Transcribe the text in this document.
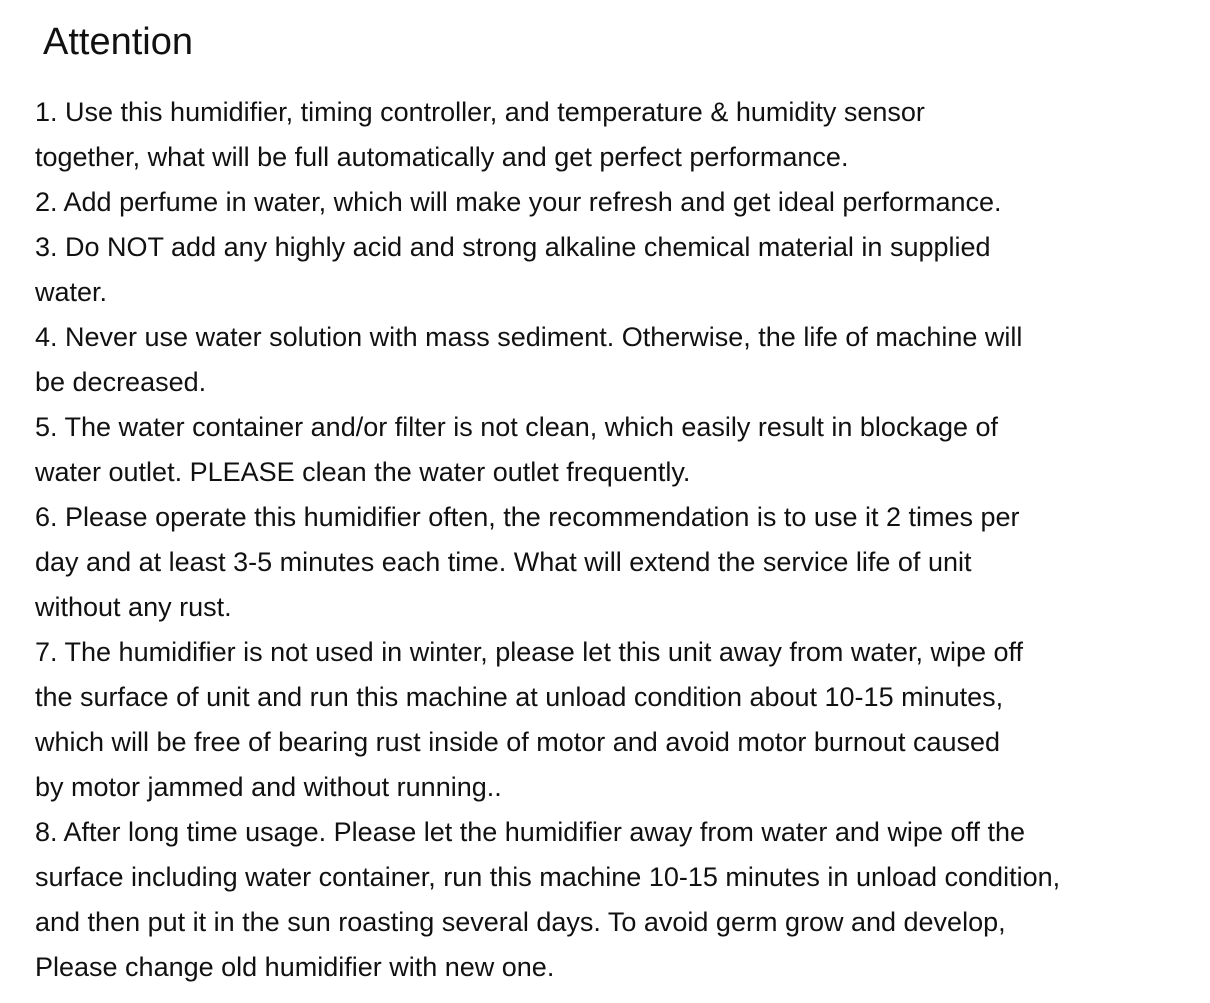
Attention
1. Use this humidifier, timing controller, and temperature & humidity sensor
together, what will be full automatically and get perfect performance.
2. Add perfume in water, which will make your refresh and get ideal performance.
3. Do NOT add any highly acid and strong alkaline chemical material in supplied
water.
4. Never use water solution with mass sediment. Otherwise, the life of machine will
be decreased.
5. The water container and/or filter is not clean, which easily result in blockage of
water outlet. PLEASE clean the water outlet frequently.
6. Please operate this humidifier often, the recommendation is to use it 2 times per
day and at least 3-5 minutes each time. What will extend the service life of unit
without any rust.
7. The humidifier is not used in winter, please let this unit away from water, wipe off
the surface of unit and run this machine at unload condition about 10-15 minutes,
which will be free of bearing rust inside of motor and avoid motor burnout caused
by motor jammed and without running..
8. After long time usage. Please let the humidifier away from water and wipe off the
surface including water container, run this machine 10-15 minutes in unload condition,
and then put it in the sun roasting several days. To avoid germ grow and develop,
Please change old humidifier with new one.
